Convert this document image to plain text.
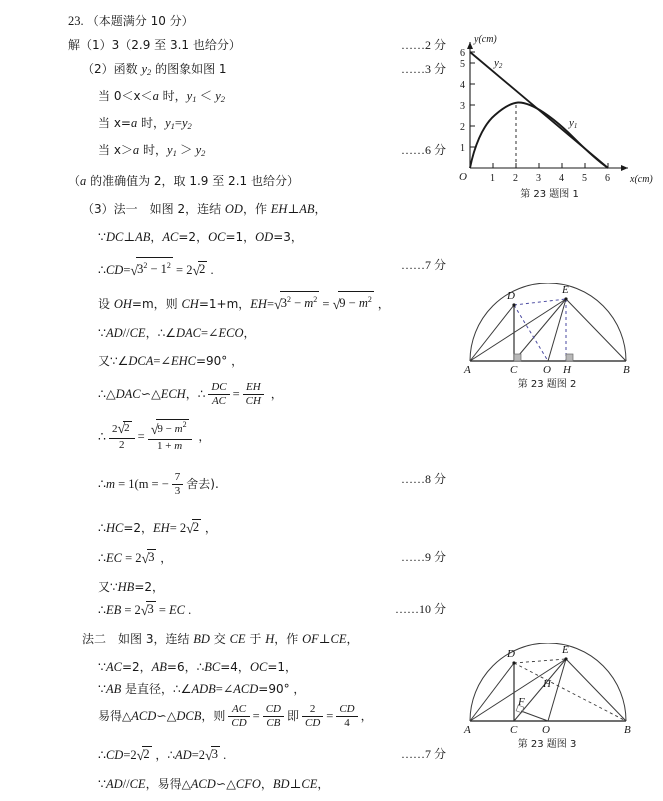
23. （本题满分 10 分）
解（1）3（2.9 至 3.1 也给分）	……2 分
（2）函数 $y_2$ 的图象如图 1	……3 分
当 0＜x＜a 时，$y_1 < y_2$
当 x=a 时，$y_1=y_2$
当 x＞a 时，$y_1 > y_2$	……6 分
（a 的准确值为 2，取 1.9 至 2.1 也给分）
（3）法一　如图 2，连结 OD，作 EH⊥AB，
∵DC⊥AB，AC=2，OC=1，OD=3，
$\therefore CD=√3^2 - 1^2 = 2√2$ .	……7 分
设 OH=m，则 CH=1+m，$EH=√3^2 - m^2 = √9 - m^2$ ，
∵AD//CE，∴∠DAC=∠ECO，
又∵∠DCA=∠EHC=90° ，
∴△DAC∽△ECH，∴ $\frac{DC}{AC} = \frac{EH}{CH}$ ，
∴ $\frac{2√2}{2} = \frac{√9 - m^2}{1 + m}$ ，
∴m = 1(m = − $\frac{7}{3}$ 舍去).	……8 分
∴HC=2，EH= 2√2 ，
∴EC = 2√3 ，	……9 分
又∵HB=2，
∴EB = 2√3 = EC .	……10 分
法二　如图 3，连结 BD 交 CE 于 H，作 OF⊥CE，
∵AC=2，AB=6，∴BC=4，OC=1，
∵AB 是直径，∴∠ADB=∠ACD=90° ，
易得△ACD∽△DCB，则 $\frac{AC}{CD} = \frac{CD}{CB}$ 即 $\frac{2}{CD} = \frac{CD}{4}$ ，
∴CD=2√2 ，∴AD=2√3 .	……7 分
∵AD//CE，易得△ACD∽△CFO，BD⊥CE，
1 2 3 4 5 6
1
2
3
4
5
6
O
y(cm)
x(cm)
y2
y1
第 23 题图 1
A	C O H	B
D	E
第 23 题图 2
A	C O	B
D	E
H
F
第 23 题图 3
